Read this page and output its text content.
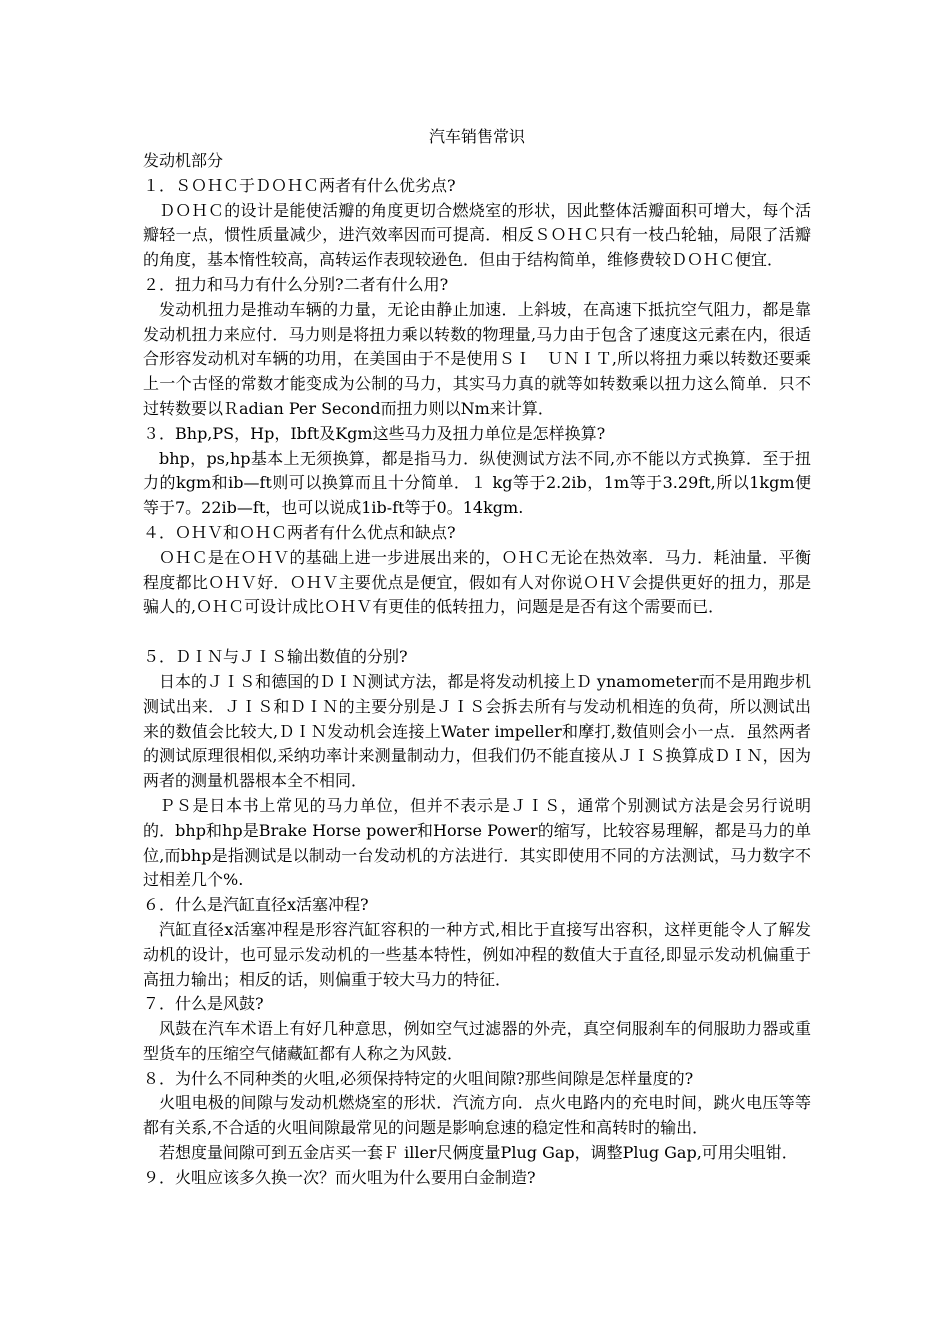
汽车销售常识
发动机部分
１．ＳＯＨＣ于ＤＯＨＣ两者有什么优劣点?
ＤＯＨＣ的设计是能使活瓣的角度更切合燃烧室的形状，因此整体活瓣面积可增大，每个活瓣轻一点，惯性质量减少，进汽效率因而可提高．相反ＳＯＨＣ只有一枝凸轮轴，局限了活瓣的角度，基本惰性较高，高转运作表现较逊色．但由于结构简单，维修费较ＤＯＨＣ便宜．
２．扭力和马力有什么分别?二者有什么用?
发动机扭力是推动车辆的力量，无论由静止加速．上斜坡，在高速下抵抗空气阻力，都是靠发动机扭力来应付．马力则是将扭力乘以转数的物理量,马力由于包含了速度这元素在内，很适合形容发动机对车辆的功用，在美国由于不是使用ＳＩ　ＵＮＩＴ,所以将扭力乘以转数还要乘上一个古怪的常数才能变成为公制的马力，其实马力真的就等如转数乘以扭力这么简单．只不过转数要以Ｒadian Per Second而扭力则以Nm来计算．
３．Bhp,PS，Hp，Ibft及Kgm这些马力及扭力单位是怎样换算?
bhp，ps,hp基本上无须换算，都是指马力．纵使测试方法不同,亦不能以方式换算．至于扭力的kgm和ib—ft则可以换算而且十分简单．１ kg等于2.2ib，1m等于3.29ft,所以1kgm便等于7。22ib—ft，也可以说成1ib-ft等于0。14kgm.
４．ＯＨＶ和ＯＨＣ两者有什么优点和缺点?
ＯＨＣ是在ＯＨＶ的基础上进一步进展出来的，ＯＨＣ无论在热效率．马力．耗油量．平衡程度都比ＯＨＶ好．ＯＨＶ主要优点是便宜，假如有人对你说ＯＨＶ会提供更好的扭力，那是骗人的,ＯＨＣ可设计成比ＯＨＶ有更佳的低转扭力，问题是是否有这个需要而已．
５．ＤＩＮ与ＪＩＳ输出数值的分别?
日本的ＪＩＳ和德国的ＤＩＮ测试方法，都是将发动机接上Ｄ ynamometer而不是用跑步机测试出来．ＪＩＳ和ＤＩＮ的主要分别是ＪＩＳ会拆去所有与发动机相连的负荷，所以测试出来的数值会比较大,ＤＩＮ发动机会连接上Water impeller和摩打,数值则会小一点．虽然两者的测试原理很相似,采纳功率计来测量制动力，但我们仍不能直接从ＪＩＳ换算成ＤＩＮ，因为两者的测量机器根本全不相同．
ＰＳ是日本书上常见的马力单位，但并不表示是ＪＩＳ，通常个别测试方法是会另行说明的．bhp和hp是Brake Horse power和Horse Power的缩写，比较容易理解，都是马力的单位,而bhp是指测试是以制动一台发动机的方法进行．其实即使用不同的方法测试，马力数字不过相差几个%.
６．什么是汽缸直径x活塞冲程?
汽缸直径x活塞冲程是形容汽缸容积的一种方式,相比于直接写出容积，这样更能令人了解发动机的设计，也可显示发动机的一些基本特性，例如冲程的数值大于直径,即显示发动机偏重于高扭力输出；相反的话，则偏重于较大马力的特征．
７．什么是风鼓?
风鼓在汽车术语上有好几种意思，例如空气过滤器的外壳，真空伺服刹车的伺服助力器或重型货车的压缩空气储藏缸都有人称之为风鼓．
８．为什么不同种类的火咀,必须保持特定的火咀间隙?那些间隙是怎样量度的?
火咀电极的间隙与发动机燃烧室的形状．汽流方向．点火电路内的充电时间，跳火电压等等都有关系,不合适的火咀间隙最常见的问题是影响怠速的稳定性和高转时的输出．
若想度量间隙可到五金店买一套Ｆ iller尺俩度量Plug Gap，调整Plug Gap,可用尖咀钳．
９．火咀应该多久换一次？而火咀为什么要用白金制造?
